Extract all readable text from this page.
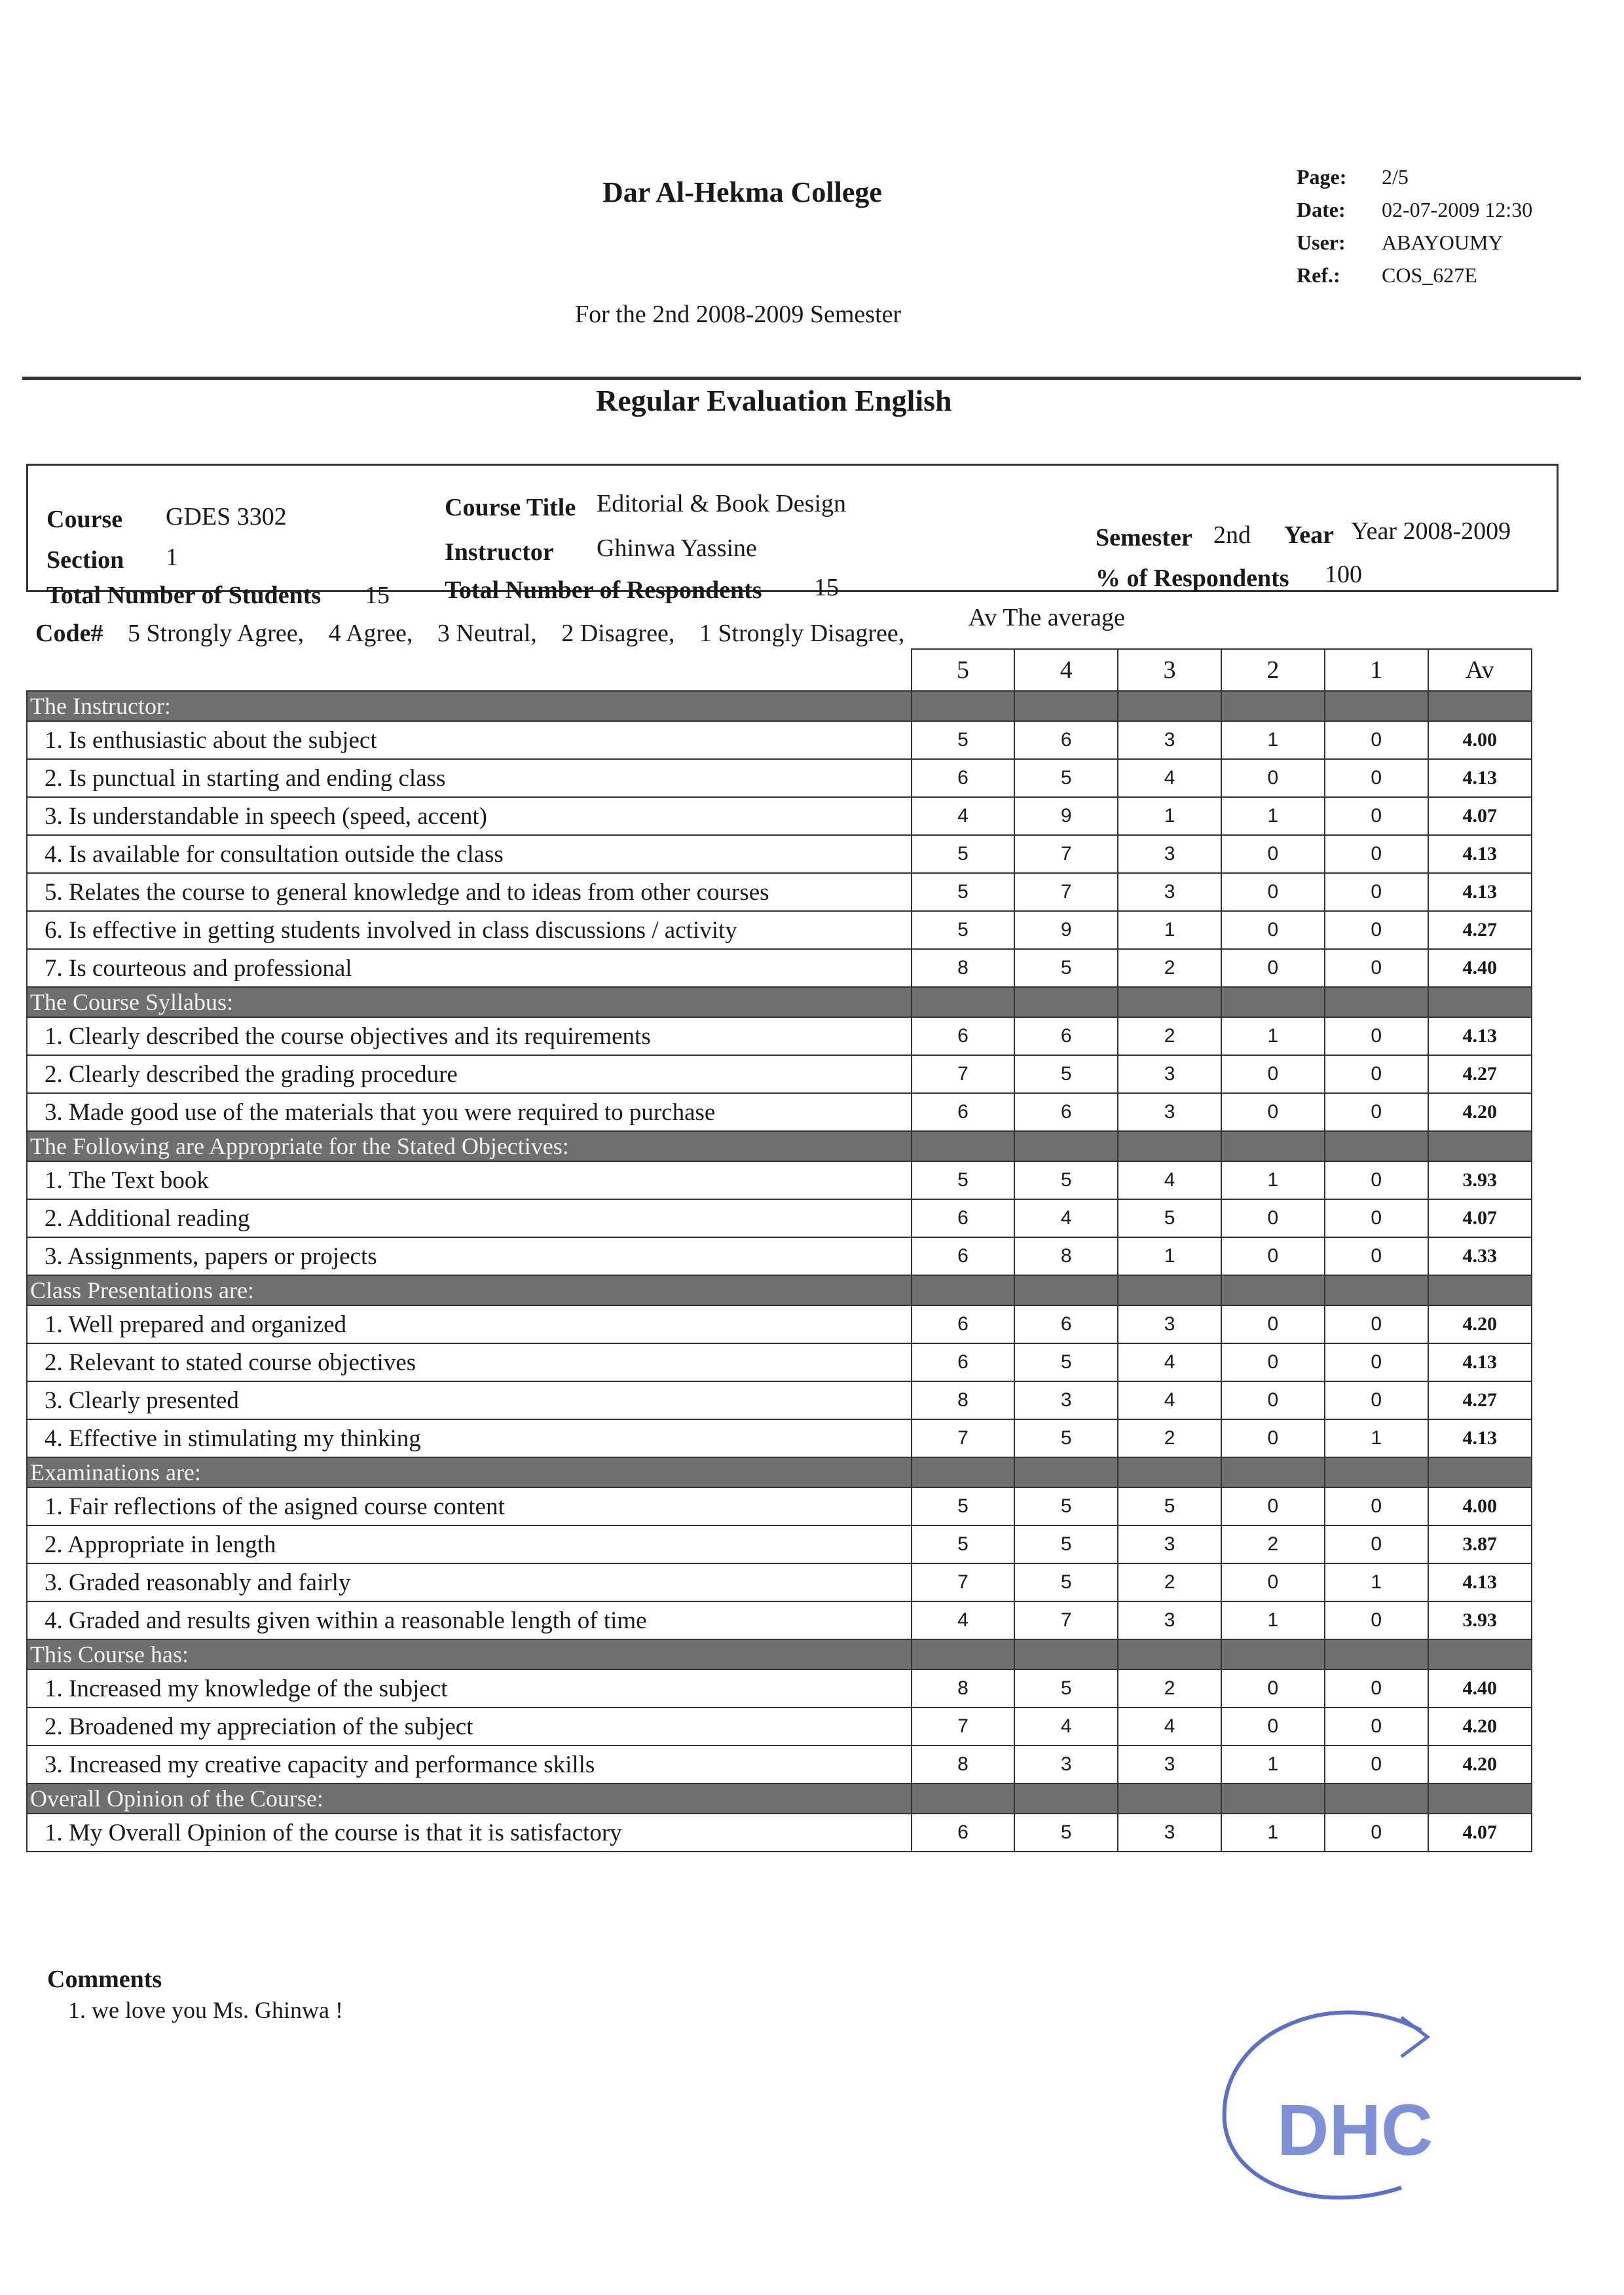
Dar Al-Hekma College	Page:	2/5
Date:	02-07-2009 12:30
User:	ABAYOUMY
Ref.:	COS_627E
For the 2nd 2008-2009 Semester
Regular Evaluation English
Course GDES 3302
Section 1
Total Number of Students 15
Course Title Editorial & Book Design
Instructor Ghinwa Yassine
Total Number of Respondents 15
Semester 2nd Year Year 2008-2009
% of Respondents 100
Code# 5 Strongly Agree, 4 Agree, 3 Neutral, 2 Disagree, 1 Strongly Disagree, Av The average
	5	4	3	2	1	Av
The Instructor:						
1. Is enthusiastic about the subject	5	6	3	1	0	4.00
2. Is punctual in starting and ending class	6	5	4	0	0	4.13
3. Is understandable in speech (speed, accent)	4	9	1	1	0	4.07
4. Is available for consultation outside the class	5	7	3	0	0	4.13
5. Relates the course to general knowledge and to ideas from other courses	5	7	3	0	0	4.13
6. Is effective in getting students involved in class discussions / activity	5	9	1	0	0	4.27
7. Is courteous and professional	8	5	2	0	0	4.40
The Course Syllabus:						
1. Clearly described the course objectives and its requirements	6	6	2	1	0	4.13
2. Clearly described the grading procedure	7	5	3	0	0	4.27
3. Made good use of the materials that you were required to purchase	6	6	3	0	0	4.20
The Following are Appropriate for the Stated Objectives:						
1. The Text book	5	5	4	1	0	3.93
2. Additional reading	6	4	5	0	0	4.07
3. Assignments, papers or projects	6	8	1	0	0	4.33
Class Presentations are:						
1. Well prepared and organized	6	6	3	0	0	4.20
2. Relevant to stated course objectives	6	5	4	0	0	4.13
3. Clearly presented	8	3	4	0	0	4.27
4. Effective in stimulating my thinking	7	5	2	0	1	4.13
Examinations are:						
1. Fair reflections of the asigned course content	5	5	5	0	0	4.00
2. Appropriate in length	5	5	3	2	0	3.87
3. Graded reasonably and fairly	7	5	2	0	1	4.13
4. Graded and results given within a reasonable length of time	4	7	3	1	0	3.93
This Course has:						
1. Increased my knowledge of the subject	8	5	2	0	0	4.40
2. Broadened my appreciation of the subject	7	4	4	0	0	4.20
3. Increased my creative capacity and performance skills	8	3	3	1	0	4.20
Overall Opinion of the Course:						
1. My Overall Opinion of the course is that it is satisfactory	6	5	3	1	0	4.07
Comments
1. we love you Ms. Ghinwa !
DHC
